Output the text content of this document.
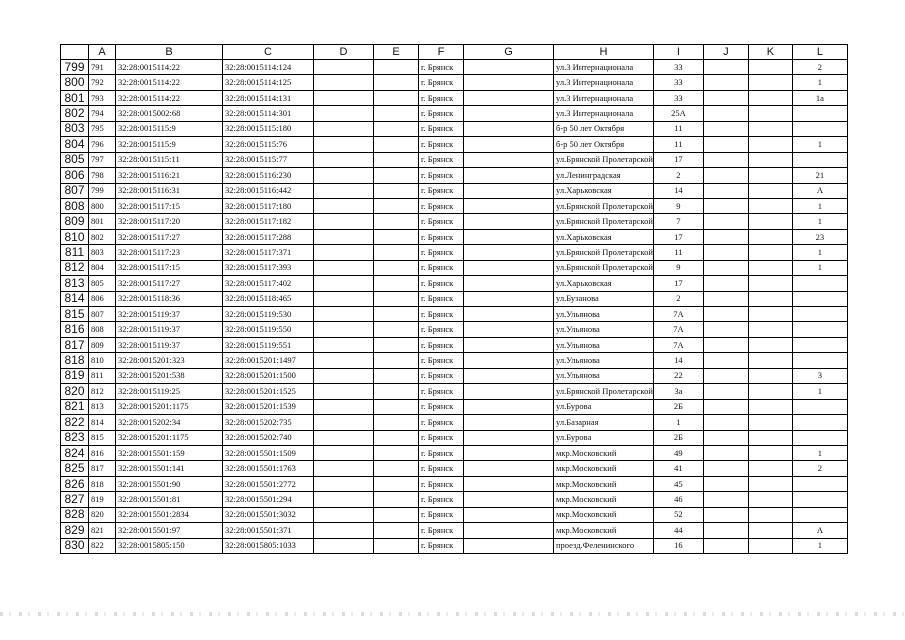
	A	B	C	D	E	F	G	H	I	J	K	L
799	791	32:28:0015114:22	32:28:0015114:124			г. Брянск		ул.3 Интернационала	33			2
800	792	32:28:0015114:22	32:28:0015114:125			г. Брянск		ул.3 Интернационала	33			1
801	793	32:28:0015114:22	32:28:0015114:131			г. Брянск		ул.3 Интернационала	33			1а
802	794	32:28:0015002:68	32:28:0015114:301			г. Брянск		ул.3 Интернационала	25А			
803	795	32:28:0015115:9	32:28:0015115:180			г. Брянск		б-р 50 лет Октября	11			
804	796	32:28:0015115:9	32:28:0015115:76			г. Брянск		б-р 50 лет Октября	11			1
805	797	32:28:0015115:11	32:28:0015115:77			г. Брянск		ул.Брянской Пролетарской	17			
806	798	32:28:0015116:21	32:28:0015116:230			г. Брянск		ул.Ленинградская	2			21
807	799	32:28:0015116:31	32:28:0015116:442			г. Брянск		ул.Харьковская	14			А
808	800	32:28:0015117:15	32:28:0015117:180			г. Брянск		ул.Брянской Пролетарской	9			1
809	801	32:28:0015117:20	32:28:0015117:182			г. Брянск		ул.Брянской Пролетарской	7			1
810	802	32:28:0015117:27	32:28:0015117:288			г. Брянск		ул.Харьковская	17			23
811	803	32:28:0015117:23	32:28:0015117:371			г. Брянск		ул.Брянской Пролетарской	11			1
812	804	32:28:0015117:15	32:28:0015117:393			г. Брянск		ул.Брянской Пролетарской	9			1
813	805	32:28:0015117:27	32:28:0015117:402			г. Брянск		ул.Харьковская	17			
814	806	32:28:0015118:36	32:28:0015118:465			г. Брянск		ул.Бузанова	2			
815	807	32:28:0015119:37	32:28:0015119:530			г. Брянск		ул.Ульянова	7А			
816	808	32:28:0015119:37	32:28:0015119:550			г. Брянск		ул.Ульянова	7А			
817	809	32:28:0015119:37	32:28:0015119:551			г. Брянск		ул.Ульянова	7А			
818	810	32:28:0015201:323	32:28:0015201:1497			г. Брянск		ул.Ульянова	14			
819	811	32:28:0015201:538	32:28:0015201:1500			г. Брянск		ул.Ульянова	22			3
820	812	32:28:0015119:25	32:28:0015201:1525			г. Брянск		ул.Брянской Пролетарской	3а			1
821	813	32:28:0015201:1175	32:28:0015201:1539			г. Брянск		ул.Бурова	2Б			
822	814	32:28:0015202:34	32:28:0015202:735			г. Брянск		ул.Базарная	1			
823	815	32:28:0015201:1175	32:28:0015202:740			г. Брянск		ул.Бурова	2Б			
824	816	32:28:0015501:159	32:28:0015501:1509			г. Брянск		мкр.Московский	49			1
825	817	32:28:0015501:141	32:28:0015501:1763			г. Брянск		мкр.Московский	41			2
826	818	32:28:0015501:90	32:28:0015501:2772			г. Брянск		мкр.Московский	45			
827	819	32:28:0015501:81	32:28:0015501:294			г. Брянск		мкр.Московский	46			
828	820	32:28:0015501:2834	32:28:0015501:3032			г. Брянск		мкр.Московский	52			
829	821	32:28:0015501:97	32:28:0015501:371			г. Брянск		мкр.Московский	44			А
830	822	32:28:0015805:150	32:28:0015805:1033			г. Брянск		проезд.Феленинского	16			1
